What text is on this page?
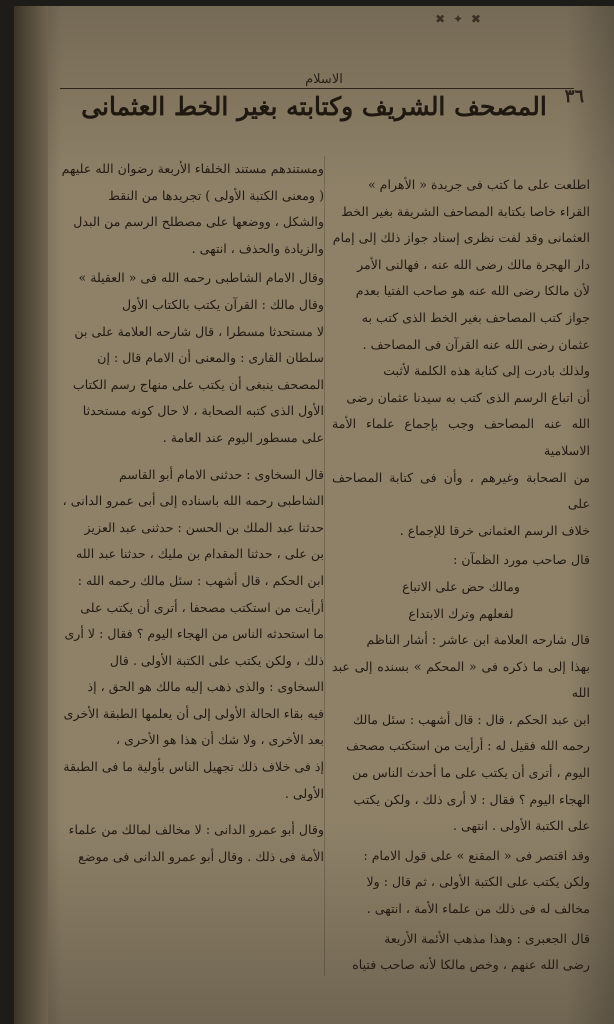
✖ ✦ ✖
الاسلام
٣٦
المصحف الشريف وكتابته بغير الخط العثمانى

اطلعت على ما كتب فى جريدة « الأهرام »

القراء خاصا بكتابة المصاحف الشريفة بغير الخط

العثمانى وقد لفت نظرى إسناد جواز ذلك إلى إمام

دار الهجرة مالك رضى الله عنه ، فهالنى الأمر

لأن مالكا رضى الله عنه هو صاحب الفتيا بعدم

جواز كتب المصاحف بغير الخط الذى كتب به

عثمان رضى الله عنه القرآن فى المصاحف .

ولذلك بادرت إلى كتابة هذه الكلمة لأثبت

أن اتباع الرسم الذى كتب به سيدنا عثمان رضى

الله عنه المصاحف وجب بإجماع علماء الأمة الاسلامية

من الصحابة وغيرهم ، وأن فى كتابة المصاحف على

خلاف الرسم العثمانى خرقا للإجماع .

قال صاحب مورد الظمآن :

ومالك حض على الاتباع

لفعلهم وترك الابتداع

قال شارحه العلامة ابن عاشر : أشار الناظم

بهذا إلى ما ذكره فى « المحكم » بسنده إلى عبد الله

ابن عبد الحكم ، قال : قال أشهب : سئل مالك

رحمه الله فقيل له : أرأيت من استكتب مصحف

اليوم ، أترى أن يكتب على ما أحدث الناس من

الهجاء اليوم ؟ فقال : لا أرى ذلك ، ولكن يكتب

على الكتبة الأولى . انتهى .

وقد اقتصر فى « المقنع » على قول الامام :

ولكن يكتب على الكتبة الأولى ، ثم قال : ولا

مخالف له فى ذلك من علماء الأمة ، انتهى .

قال الجعبرى : وهذا مذهب الأئمة الأربعة

رضى الله عنهم ، وخص مالكا لأنه صاحب فتياه

ومستندهم مستند الخلفاء الأربعة رضوان الله عليهم

( ومعنى الكتبة الأولى ) تجريدها من النقط

والشكل ، ووضعها على مصطلح الرسم من البدل

والزيادة والحذف ، انتهى .

وقال الامام الشاطبى رحمه الله فى « العقيلة »

وقال مالك : القرآن يكتب بالكتاب الأول

لا مستحدثا مسطرا ، قال شارحه العلامة على بن

سلطان القارى : والمعنى أن الامام قال : إن

المصحف ينبغى أن يكتب على منهاج رسم الكتاب

الأول الذى كتبه الصحابة ، لا حال كونه مستحدثا

على مسطور اليوم عند العامة .

قال السخاوى : حدثنى الامام أبو القاسم

الشاطبى رحمه الله باسناده إلى أبى عمرو الدانى ،

حدثنا عبد الملك بن الحسن : حدثنى عبد العزيز

بن على ، حدثنا المقدام بن مليك ، حدثنا عبد الله

ابن الحكم ، قال أشهب : سئل مالك رحمه الله :

أرأيت من استكتب مصحفا ، أترى أن يكتب على

ما استحدثه الناس من الهجاء اليوم ؟ فقال : لا أرى

ذلك ، ولكن يكتب على الكتبة الأولى . قال

السخاوى : والذى ذهب إليه مالك هو الحق ، إذ

فيه بقاء الحالة الأولى إلى أن يعلمها الطبقة الأخرى

بعد الأخرى ، ولا شك أن هذا هو الأحرى ،

إذ فى خلاف ذلك تجهيل الناس بأولية ما فى الطبقة

الأولى .

وقال أبو عمرو الدانى : لا مخالف لمالك من علماء

الأمة فى ذلك . وقال أبو عمرو الدانى فى موضع
